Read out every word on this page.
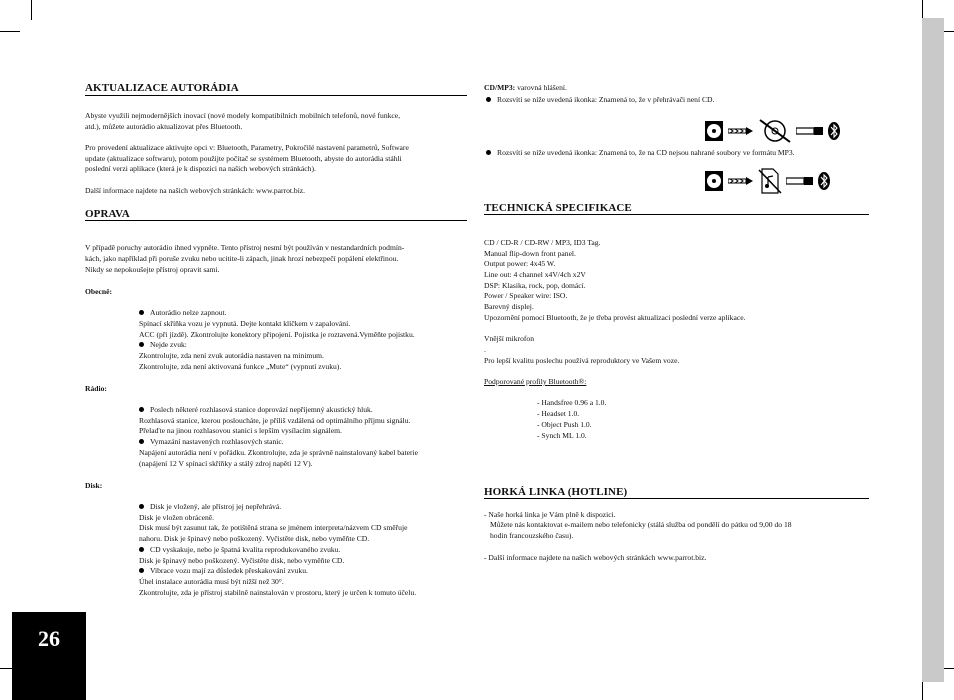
26
AKTUALIZACE AUTORÁDIA
Abyste využili nejmodernějších inovací (nové modely kompatibilních mobilních telefonů, nové funkce,
atd.), můžete autorádio aktualizovat přes Bluetooth.
Pro provedení aktualizace aktivujte opci v: Bluetooth, Parametry, Pokročilé nastavení parametrů, Software
update (aktualizace softwaru), potom použijte počítač se systémem Bluetooth, abyste do autorádia stáhli
poslední verzi aplikace (která je k dispozici na našich webových stránkách).
Další informace najdete na našich webových stránkách: www.parrot.biz.
OPRAVA
V případě poruchy autorádio ihned vypněte. Tento přístroj nesmí být používán v nestandardních podmín-
kách, jako například při poruše zvuku nebo ucitite-li zápach, jinak hrozí nebezpečí popálení elektřinou.
Nikdy se nepokoušejte přístroj opravit sami.
Obecně:
Autorádio nelze zapnout.
Spínací skříňka vozu je vypnutá. Dejte kontakt klíčkem v zapalování.
ACC (při jízdě). Zkontrolujte konektory připojení. Pojistka je roztavená.Vyměňte pojistku.
Nejde zvuk:
Zkontrolujte, zda není zvuk autorádia nastaven na minimum.
Zkontrolujte, zda není aktivovaná funkce „Mute“ (vypnutí zvuku).
Rádio:
Poslech některé rozhlasová stanice doprovází nepříjemný akustický hluk.
Rozhlasová stanice, kterou posloucháte, je příliš vzdálená od optimálního příjmu signálu.
Přelaďte na jinou rozhlasovou stanici s lepším vysílacím signálem.
Vymazání nastavených rozhlasových stanic.
Napájení autorádia není v pořádku. Zkontrolujte, zda je správně nainstalovaný kabel baterie
(napájení 12 V spínací skříňky a stálý zdroj napětí 12 V).
Disk:
Disk je vložený, ale přístroj jej nepřehrává.
Disk je vložen obráceně.
Disk musí být zasunut tak, že potištěná strana se jménem interpreta/názvem CD směřuje
nahoru. Disk je špinavý nebo poškozený. Vyčistěte disk, nebo vyměňte CD.
CD vyskakuje, nebo je špatná kvalita reprodukovaného zvuku.
Disk je špinavý nebo poškozený. Vyčistěte disk, nebo vyměňte CD.
Vibrace vozu mají za důsledek přeskakování zvuku.
Úhel instalace autorádia musí být nižší než 30°.
Zkontrolujte, zda je přístroj stabilně nainstalován v prostoru, který je určen k tomuto účelu.
CD/MP3: varovná hlášení.
Rozsvítí se níže uvedená ikonka: Znamená to, že v přehrávači není CD.
Rozsvítí se níže uvedená ikonka: Znamená to, že na CD nejsou nahrané soubory ve formátu MP3.
TECHNICKÁ SPECIFIKACE
CD / CD-R / CD-RW / MP3, ID3 Tag.
Manual flip-down front panel.
Output power: 4x45 W.
Line out: 4 channel x4V/4ch x2V
DSP: Klasika, rock, pop, domácí.
Power / Speaker wire: ISO.
Barevný displej.
Upozornění pomocí Bluetooth, že je třeba provést aktualizaci poslední verze aplikace.
Vnější mikrofon
.
Pro lepší kvalitu poslechu používá reproduktory ve Vašem voze.
Podporované profily Bluetooth®:
- Handsfree 0.96 a 1.0.
- Headset 1.0.
- Object Push 1.0.
- Synch ML 1.0.
HORKÁ LINKA (HOTLINE)
- Naše horká linka je Vám plně k dispozici.
Můžete nás kontaktovat e-mailem nebo telefonicky (stálá služba od pondělí do pátku od 9,00 do 18
hodin francouzského času).
- Další informace najdete na našich webových stránkách www.parrot.biz.
